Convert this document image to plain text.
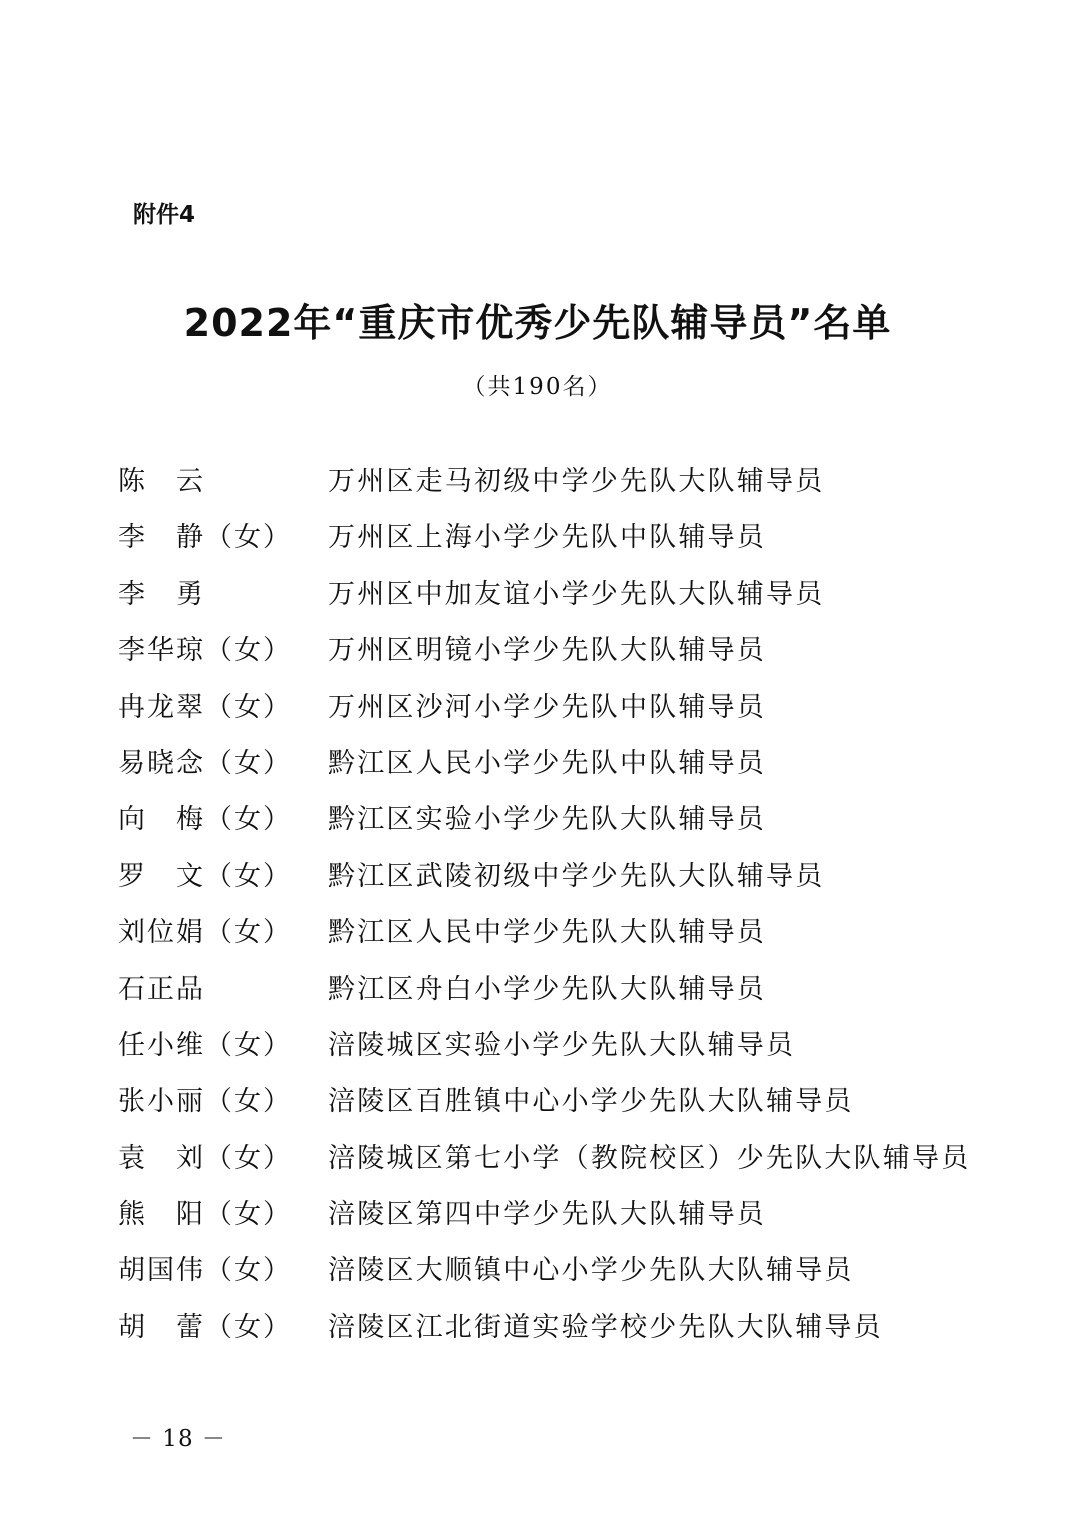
附件4
2022年“重庆市优秀少先队辅导员”名单
（共190名）
陈　云	万州区走马初级中学少先队大队辅导员
李　静（女）	万州区上海小学少先队中队辅导员
李　勇	万州区中加友谊小学少先队大队辅导员
李华琼（女）	万州区明镜小学少先队大队辅导员
冉龙翠（女）	万州区沙河小学少先队中队辅导员
易晓念（女）	黔江区人民小学少先队中队辅导员
向　梅（女）	黔江区实验小学少先队大队辅导员
罗　文（女）	黔江区武陵初级中学少先队大队辅导员
刘位娟（女）	黔江区人民中学少先队大队辅导员
石正品	黔江区舟白小学少先队大队辅导员
任小维（女）	涪陵城区实验小学少先队大队辅导员
张小丽（女）	涪陵区百胜镇中心小学少先队大队辅导员
袁　刘（女）	涪陵城区第七小学（教院校区）少先队大队辅导员
熊　阳（女）	涪陵区第四中学少先队大队辅导员
胡国伟（女）	涪陵区大顺镇中心小学少先队大队辅导员
胡　蕾（女）	涪陵区江北街道实验学校少先队大队辅导员
－ 18 －
